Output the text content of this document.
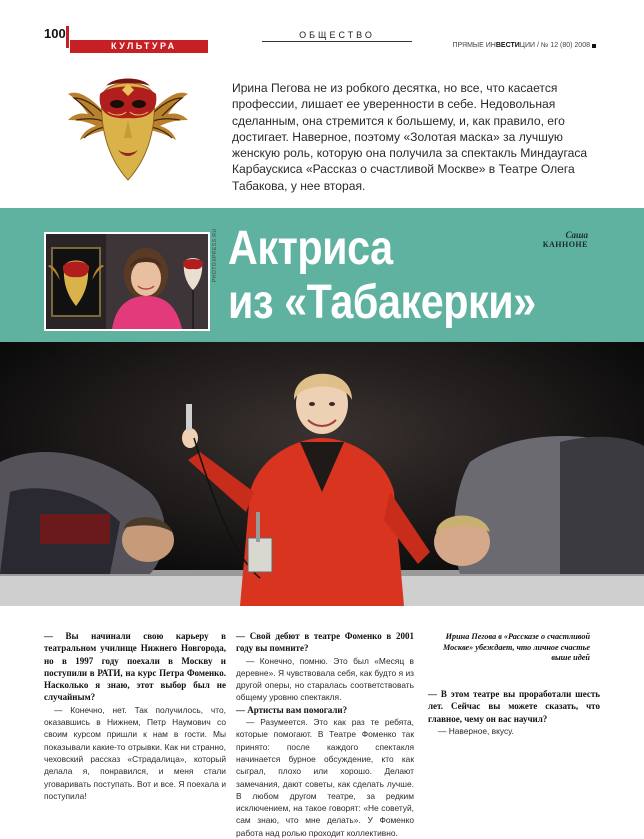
100
КУЛЬТУРА
ОБЩЕСТВО
ПРЯМЫЕ ИНВЕСТИЦИИ / № 12 (80) 2008
Ирина Пегова не из робкого десятка, но все, что касается профессии, лишает ее уверенности в себе. Недовольная сделанным, она стремится к большему, и, как правило, его достигает. Наверное, поэтому «Золотая маска» за лучшую женскую роль, которую она получила за спектакль Миндаугаса Карбаускиса «Рассказ о счастливой Москве» в Театре Олега Табакова, у нее вторая.
PHOTOXPRESS.RU Актриса
из «Табакерки»
Саша
КАННОНЕ

— Вы начинали свою карьеру в театральном училище Нижнего Новгорода, но в 1997 году поехали в Москву и поступили в РАТИ, на курс Петра Фоменко. Насколько я знаю, этот выбор был не случайным?

— Конечно, нет. Так получилось, что, оказавшись в Нижнем, Петр Наумович со своим курсом пришли к нам в гости. Мы показывали какие-то отрывки. Как ни странно, чеховский рассказ «Страдалица», который делала я, понравился, и меня стали уговаривать поступать. Вот и все. Я поехала и поступила!

— Свой дебют в театре Фоменко в 2001 году вы помните?

— Конечно, помню. Это был «Месяц в деревне». Я чувствовала себя, как будто я из другой оперы, но старалась соответствовать общему уровню спектакля.

— Артисты вам помогали?

— Разумеется. Это как раз те ребята, которые помогают. В Театре Фоменко так принято: после каждого спектакля начинается бурное обсуждение, кто как сыграл, плохо или хорошо. Делают замечания, дают советы, как сделать лучше. В любом другом театре, за редким исключением, на такое говорят: «Не советуй, сам знаю, что мне делать». У Фоменко работа над ролью проходит коллективно.

Ирина Пегова в «Рассказе о счастливой Москве» убеждает, что личное счастье выше идей

— В этом театре вы проработали шесть лет. Сейчас вы можете сказать, что главное, чему он вас научил?

— Наверное, вкусу.
